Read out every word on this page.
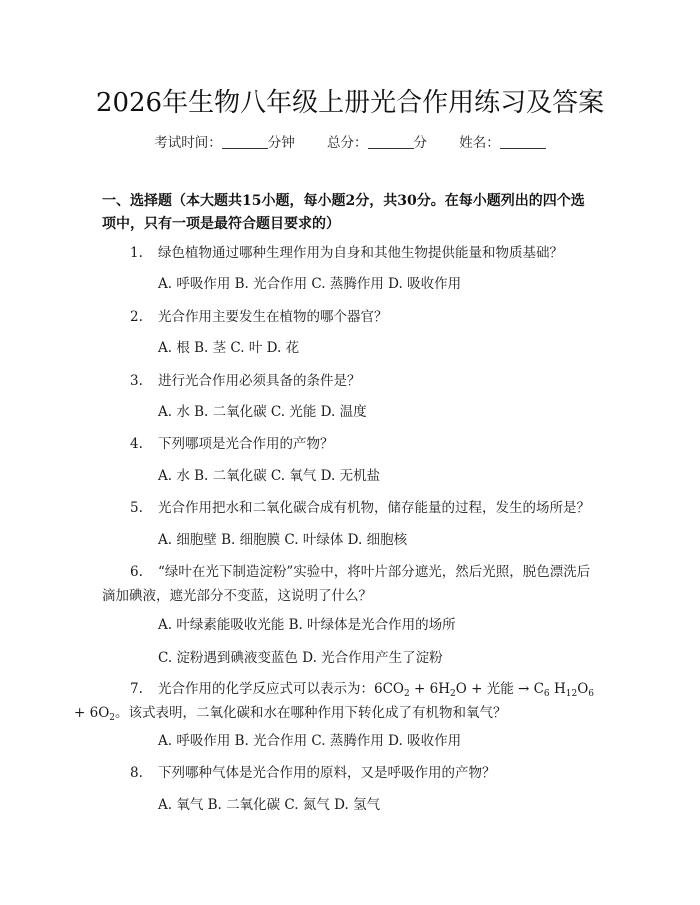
2026年生物八年级上册光合作用练习及答案
考试时间：	分钟 总分：	分 姓名：
一、选择题（本大题共15小题，每小题2分，共30分。在每小题列出的四个选项中，只有一项是最符合题目要求的）
1. 绿色植物通过哪种生理作用为自身和其他生物提供能量和物质基础？
A. 呼吸作用 B. 光合作用 C. 蒸腾作用 D. 吸收作用
2. 光合作用主要发生在植物的哪个器官？
A. 根 B. 茎 C. 叶 D. 花
3. 进行光合作用必须具备的条件是？
A. 水 B. 二氧化碳 C. 光能 D. 温度
4. 下列哪项是光合作用的产物？
A. 水 B. 二氧化碳 C. 氧气 D. 无机盐
5. 光合作用把水和二氧化碳合成有机物，储存能量的过程，发生的场所是？
A. 细胞壁 B. 细胞膜 C. 叶绿体 D. 细胞核
6. “绿叶在光下制造淀粉”实验中，将叶片部分遮光，然后光照，脱色漂洗后滴加碘液，遮光部分不变蓝，这说明了什么？
A. 叶绿素能吸收光能 B. 叶绿体是光合作用的场所
C. 淀粉遇到碘液变蓝色 D. 光合作用产生了淀粉
7. 光合作用的化学反应式可以表示为：$6CO_2 + 6H_2O$ + 光能 → $C_6$ $H_{12}O_6$
+ $6O_2$。该式表明，二氧化碳和水在哪种作用下转化成了有机物和氧气？
A. 呼吸作用 B. 光合作用 C. 蒸腾作用 D. 吸收作用
8. 下列哪种气体是光合作用的原料，又是呼吸作用的产物？
A. 氧气 B. 二氧化碳 C. 氮气 D. 氢气
